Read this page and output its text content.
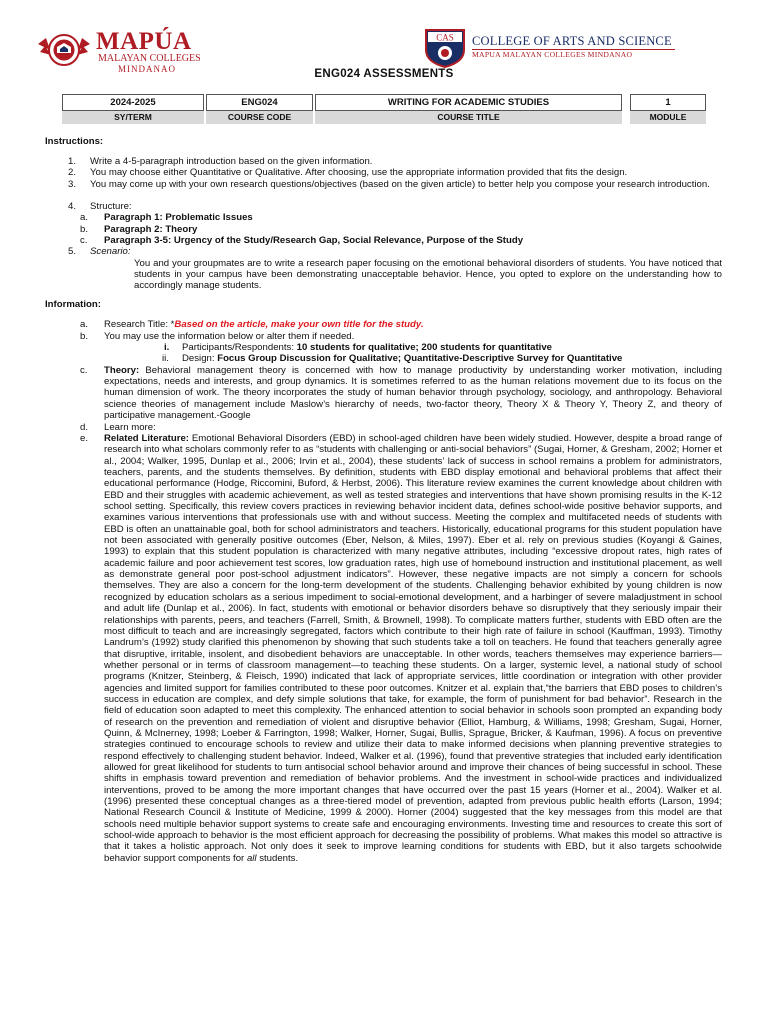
MAPÚA
MALAYAN COLLEGES
MINDANAO
CAS COLLEGE OF ARTS AND SCIENCE
MAPUA MALAYAN COLLEGES MINDANAO
ENG024 ASSESSMENTS
2024-2025
SY/TERM
ENG024
COURSE CODE
WRITING FOR ACADEMIC STUDIES
COURSE TITLE
1
MODULE
Instructions:
1. Write a 4-5-paragraph introduction based on the given information.
2. You may choose either Quantitative or Qualitative. After choosing, use the appropriate information provided that fits the design.
3. You may come up with your own research questions/objectives (based on the given article) to better help you compose your research introduction.
4. Structure:
a. Paragraph 1: Problematic Issues
b. Paragraph 2: Theory
c. Paragraph 3-5: Urgency of the Study/Research Gap, Social Relevance, Purpose of the Study
5. Scenario:
You and your groupmates are to write a research paper focusing on the emotional behavioral disorders of students. You have noticed that students in your campus have been demonstrating unacceptable behavior. Hence, you opted to explore on the understanding how to accordingly manage students.
Information:
a. Research Title: *Based on the article, make your own title for the study.
b. You may use the information below or alter them if needed.
i. Participants/Respondents: 10 students for qualitative; 200 students for quantitative
ii. Design: Focus Group Discussion for Qualitative; Quantitative-Descriptive Survey for Quantitative
c. Theory: Behavioral management theory is concerned with how to manage productivity by understanding worker motivation, including expectations, needs and interests, and group dynamics. It is sometimes referred to as the human relations movement due to its focus on the human dimension of work. The theory incorporates the study of human behavior through psychology, sociology, and anthropology. Behavioral science theories of management include Maslow’s hierarchy of needs, two-factor theory, Theory X & Theory Y, Theory Z, and theory of participative management.-Google
d. Learn more:
e. Related Literature: Emotional Behavioral Disorders (EBD) in school-aged children have been widely studied. However, despite a broad range of research into what scholars commonly refer to as “students with challenging or anti-social behaviors” (Sugai, Horner, & Gresham, 2002; Horner et al., 2004; Walker, 1995, Dunlap et al., 2006; Irvin et al., 2004), these students’ lack of success in school remains a problem for administrators, teachers, parents, and the students themselves. By definition, students with EBD display emotional and behavioral problems that affect their educational performance (Hodge, Riccomini, Buford, & Herbst, 2006). This literature review examines the current knowledge about children with EBD and their struggles with academic achievement, as well as tested strategies and interventions that have shown promising results in the K-12 school setting. Specifically, this review covers practices in reviewing behavior incident data, defines school-wide positive behavior supports, and examines various interventions that professionals use with and without success. Meeting the complex and multifaceted needs of students with EBD is often an unattainable goal, both for school administrators and teachers. Historically, educational programs for this student population have not been associated with generally positive outcomes (Eber, Nelson, & Miles, 1997). Eber et al. rely on previous studies (Koyangi & Gaines, 1993) to explain that this student population is characterized with many negative attributes, including “excessive dropout rates, high rates of academic failure and poor achievement test scores, low graduation rates, high use of homebound instruction and institutional placement, as well as demonstrate general poor post-school adjustment indicators”. However, these negative impacts are not simply a concern for schools themselves. They are also a concern for the long-term development of the students. Challenging behavior exhibited by young children is now recognized by education scholars as a serious impediment to social-emotional development, and a harbinger of severe maladjustment in school and adult life (Dunlap et al., 2006). In fact, students with emotional or behavior disorders behave so disruptively that they seriously impair their relationships with parents, peers, and teachers (Farrell, Smith, & Brownell, 1998). To complicate matters further, students with EBD often are the most difficult to teach and are increasingly segregated, factors which contribute to their high rate of failure in school (Kauffman, 1993). Timothy Landrum’s (1992) study clarified this phenomenon by showing that such students take a toll on teachers. He found that teachers generally agree that disruptive, irritable, insolent, and disobedient behaviors are unacceptable. In other words, teachers themselves may experience barriers—whether personal or in terms of classroom management—to teaching these students. On a larger, systemic level, a national study of school programs (Knitzer, Steinberg, & Fleisch, 1990) indicated that lack of appropriate services, little coordination or integration with other provider agencies and limited support for families contributed to these poor outcomes. Knitzer et al. explain that,“the barriers that EBD poses to children’s success in education are complex, and defy simple solutions that take, for example, the form of punishment for bad behavior”. Research in the field of education soon adapted to meet this complexity. The enhanced attention to social behavior in schools soon prompted an expanding body of research on the prevention and remediation of violent and disruptive behavior (Elliot, Hamburg, & Williams, 1998; Gresham, Sugai, Horner, Quinn, & McInerney, 1998; Loeber & Farrington, 1998; Walker, Horner, Sugai, Bullis, Sprague, Bricker, & Kaufman, 1996). A focus on preventive strategies continued to encourage schools to review and utilize their data to make informed decisions when planning preventive strategies to respond effectively to challenging student behavior. Indeed, Walker et al. (1996), found that preventive strategies that included early identification allowed for great likelihood for students to turn antisocial school behavior around and improve their chances of being successful in school. These shifts in emphasis toward prevention and remediation of behavior problems. And the investment in school-wide practices and individualized interventions, proved to be among the more important changes that have occurred over the past 15 years (Horner et al., 2004). Walker et al. (1996) presented these conceptual changes as a three-tiered model of prevention, adapted from previous public health efforts (Larson, 1994; National Research Council & Institute of Medicine, 1999 & 2000). Horner (2004) suggested that the key messages from this model are that schools need multiple behavior support systems to create safe and encouraging environments. Investing time and resources to create this sort of school-wide approach to behavior is the most efficient approach for decreasing the possibility of problems. What makes this model so attractive is that it takes a holistic approach. Not only does it seek to improve learning conditions for students with EBD, but it also targets schoolwide behavior support components for all students.
